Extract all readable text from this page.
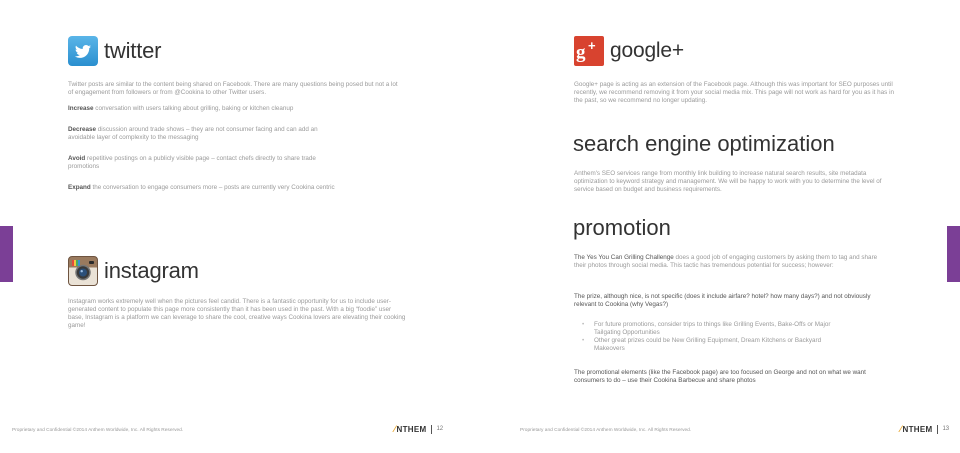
twitter

Twitter posts are similar to the content being shared on Facebook. There are many questions being posed but not a lot of engagement from followers or from @Cookina to other Twitter users.

Increase conversation with users talking about grilling, baking or kitchen cleanup

Decrease discussion around trade shows – they are not consumer facing and can add an avoidable layer of complexity to the messaging

Avoid repetitive postings on a publicly visible page – contact chefs directly to share trade promotions

Expand the conversation to engage consumers more – posts are currently very Cookina centric

instagram

Instagram works extremely well when the pictures feel candid. There is a fantastic opportunity for us to include user-generated content to populate this page more consistently than it has been used in the past. With a big “foodie” user base, Instagram is a platform we can leverage to share the cool, creative ways Cookina lovers are elevating their cooking game!

Proprietary and Confidential ©2014 Anthem Worldwide, Inc. All Rights Reserved.	⁄ NTHEM 12
g + google+

Google+ page is acting as an extension of the Facebook page. Although this was important for SEO purposes until recently, we recommend removing it from your social media mix. This page will not work as hard for you as it has in the past, so we recommend no longer updating.

search engine optimization

Anthem's SEO services range from monthly link building to increase natural search results, site metadata optimization to keyword strategy and management. We will be happy to work with you to determine the level of service based on budget and business requirements.

promotion

The Yes You Can Grilling Challenge does a good job of engaging customers by asking them to tag and share their photos through social media. This tactic has tremendous potential for success; however:

The prize, although nice, is not specific (does it include airfare? hotel? how many days?) and not obviously relevant to Cookina (why Vegas?)

• For future promotions, consider trips to things like Grilling Events, Bake-Offs or Major Tailgating Opportunities
• Other great prizes could be New Grilling Equipment, Dream Kitchens or Backyard Makeovers

The promotional elements (like the Facebook page) are too focused on George and not on what we want consumers to do – use their Cookina Barbecue and share photos

Proprietary and Confidential ©2014 Anthem Worldwide, Inc. All Rights Reserved.	⁄ NTHEM 13
